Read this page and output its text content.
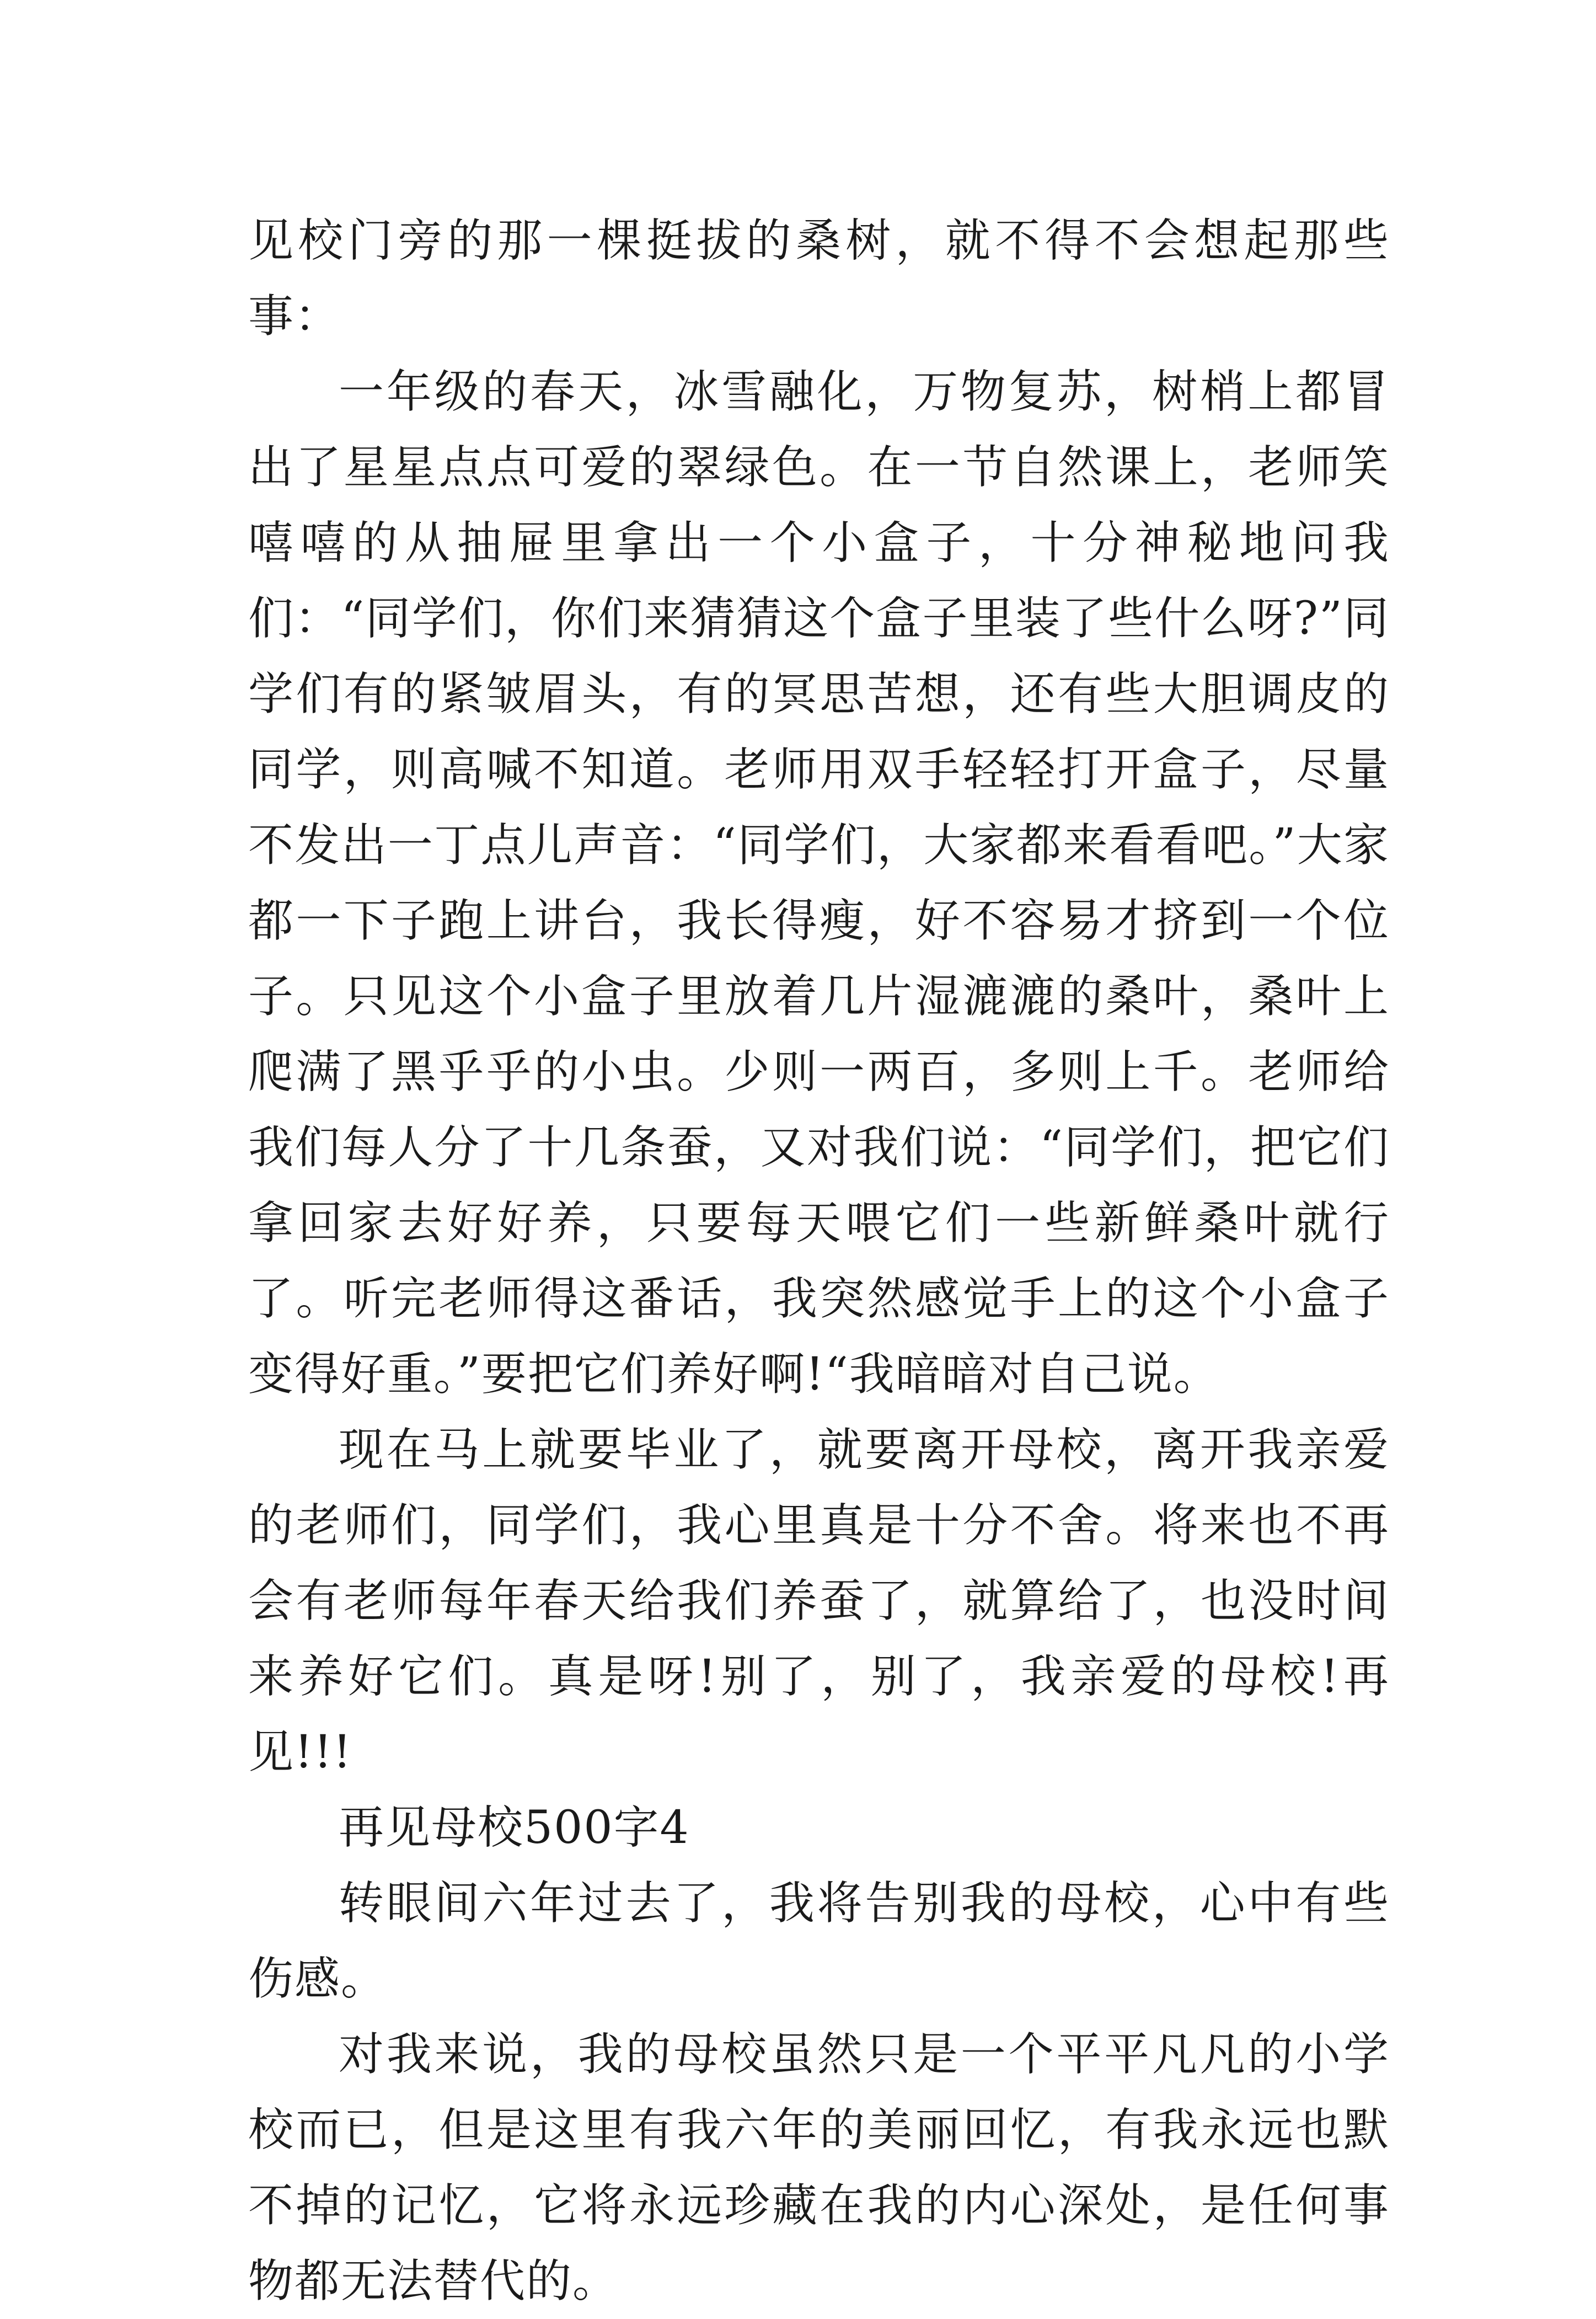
见校门旁的那一棵挺拔的桑树，就不得不会想起那些事：

一年级的春天，冰雪融化，万物复苏，树梢上都冒出了星星点点可爱的翠绿色。在一节自然课上，老师笑嘻嘻的从抽屉里拿出一个小盒子，十分神秘地问我们：“同学们，你们来猜猜这个盒子里装了些什么呀?”同学们有的紧皱眉头，有的冥思苦想，还有些大胆调皮的同学，则高喊不知道。老师用双手轻轻打开盒子，尽量不发出一丁点儿声音：“同学们，大家都来看看吧。”大家都一下子跑上讲台，我长得瘦，好不容易才挤到一个位子。只见这个小盒子里放着几片湿漉漉的桑叶，桑叶上爬满了黑乎乎的小虫。少则一两百，多则上千。老师给我们每人分了十几条蚕，又对我们说：“同学们，把它们拿回家去好好养，只要每天喂它们一些新鲜桑叶就行了。听完老师得这番话，我突然感觉手上的这个小盒子变得好重。”要把它们养好啊!“我暗暗对自己说。

现在马上就要毕业了，就要离开母校，离开我亲爱的老师们，同学们，我心里真是十分不舍。将来也不再会有老师每年春天给我们养蚕了，就算给了，也没时间来养好它们。真是呀!别了，别了，我亲爱的母校!再见!!!

再见母校500字4

转眼间六年过去了，我将告别我的母校，心中有些伤感。

对我来说，我的母校虽然只是一个平平凡凡的小学校而已，但是这里有我六年的美丽回忆，有我永远也默不掉的记忆，它将永远珍藏在我的内心深处，是任何事物都无法替代的。
